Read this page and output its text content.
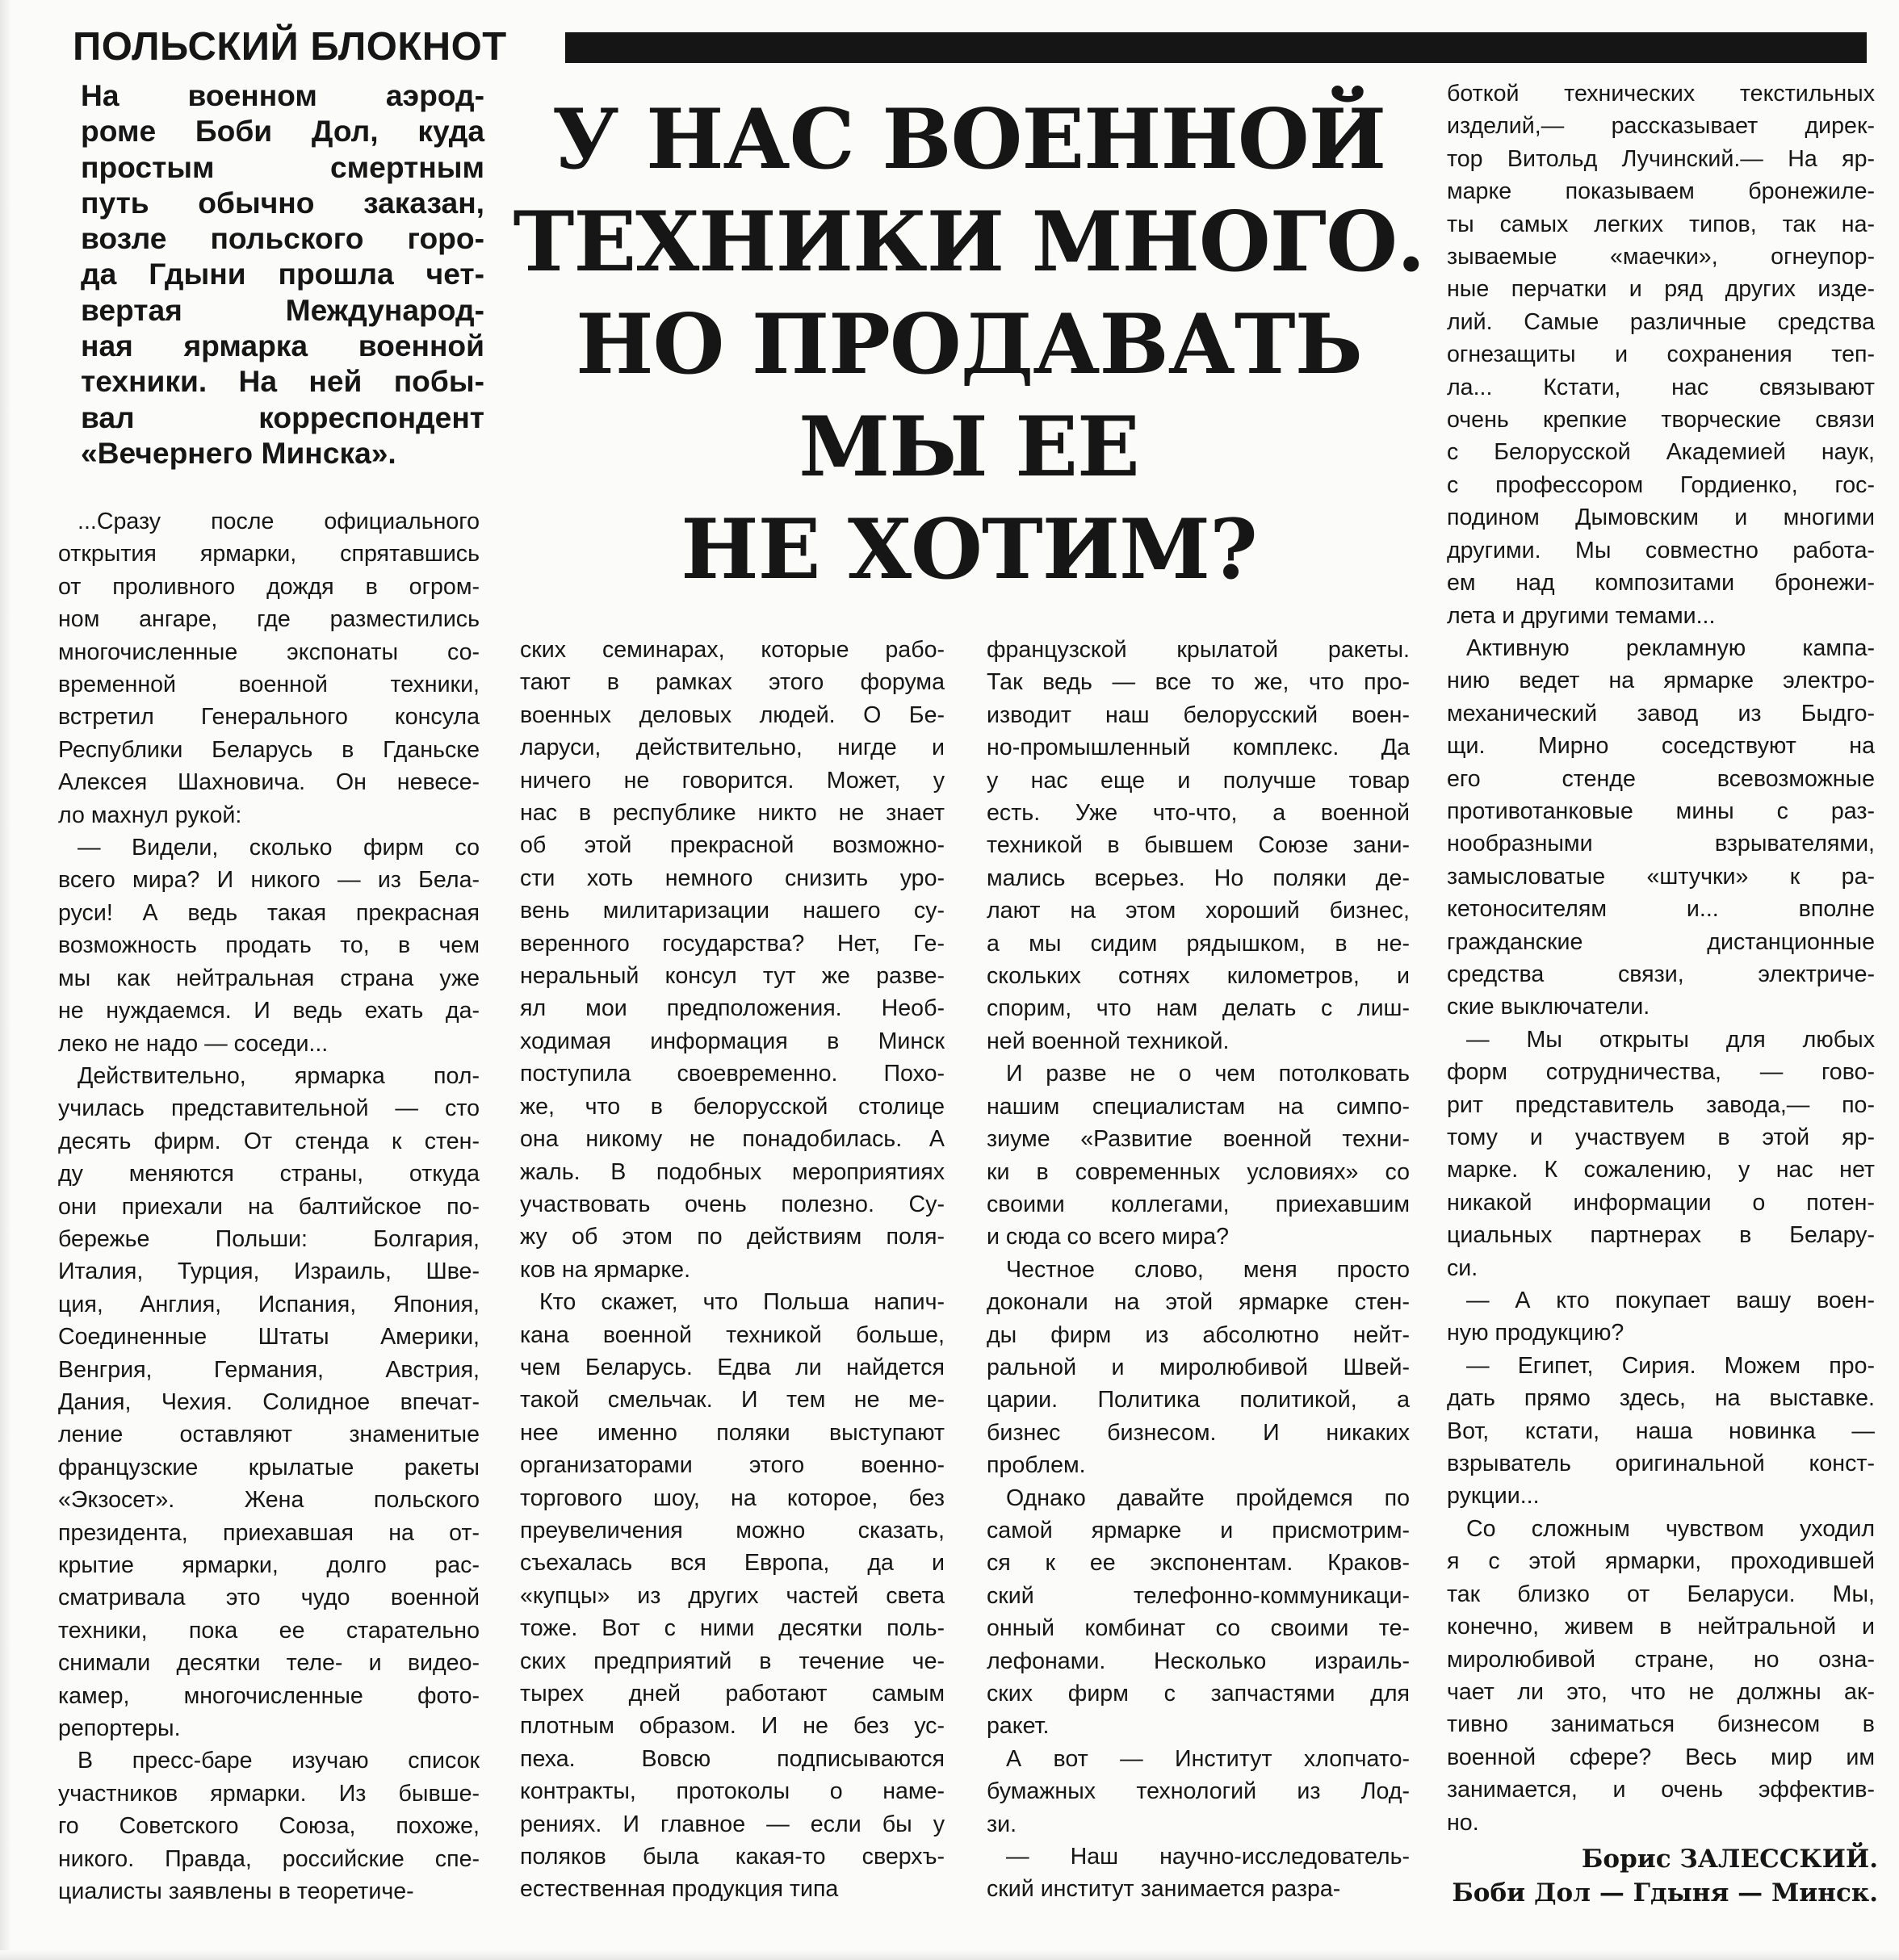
ПОЛЬСКИЙ БЛОКНОТ
На военном аэрод-
роме Боби Дол, куда
простым смертным
путь обычно заказан,
возле польского горо-
да Гдыни прошла чет-
вертая Международ-
ная ярмарка военной
техники. На ней побы-
вал корреспондент
«Вечернего Минска».
У НАС ВОЕННОЙ
ТЕХНИКИ МНОГО.
НО ПРОДАВАТЬ
МЫ ЕЕ
НЕ ХОТИМ?
...Сразу после официального
открытия ярмарки, спрятавшись
от проливного дождя в огром-
ном ангаре, где разместились
многочисленные экспонаты со-
временной военной техники,
встретил Генерального консула
Республики Беларусь в Гданьске
Алексея Шахновича. Он невесе-
ло махнул рукой:
— Видели, сколько фирм со
всего мира? И никого — из Бела-
руси! А ведь такая прекрасная
возможность продать то, в чем
мы как нейтральная страна уже
не нуждаемся. И ведь ехать да-
леко не надо — соседи...
Действительно, ярмарка пол-
училась представительной — сто
десять фирм. От стенда к стен-
ду меняются страны, откуда
они приехали на балтийское по-
бережье Польши: Болгария,
Италия, Турция, Израиль, Шве-
ция, Англия, Испания, Япония,
Соединенные Штаты Америки,
Венгрия, Германия, Австрия,
Дания, Чехия. Солидное впечат-
ление оставляют знаменитые
французские крылатые ракеты
«Экзосет». Жена польского
президента, приехавшая на от-
крытие ярмарки, долго рас-
сматривала это чудо военной
техники, пока ее старательно
снимали десятки теле- и видео-
камер, многочисленные фото-
репортеры.
В пресс-баре изучаю список
участников ярмарки. Из бывше-
го Советского Союза, похоже,
никого. Правда, российские спе-
циалисты заявлены в теоретиче-
ских семинарах, которые рабо-
тают в рамках этого форума
военных деловых людей. О Бе-
ларуси, действительно, нигде и
ничего не говорится. Может, у
нас в республике никто не знает
об этой прекрасной возможно-
сти хоть немного снизить уро-
вень милитаризации нашего су-
веренного государства? Нет, Ге-
неральный консул тут же разве-
ял мои предположения. Необ-
ходимая информация в Минск
поступила своевременно. Похо-
же, что в белорусской столице
она никому не понадобилась. А
жаль. В подобных мероприятиях
участвовать очень полезно. Су-
жу об этом по действиям поля-
ков на ярмарке.
Кто скажет, что Польша напич-
кана военной техникой больше,
чем Беларусь. Едва ли найдется
такой смельчак. И тем не ме-
нее именно поляки выступают
организаторами этого военно-
торгового шоу, на которое, без
преувеличения можно сказать,
съехалась вся Европа, да и
«купцы» из других частей света
тоже. Вот с ними десятки поль-
ских предприятий в течение че-
тырех дней работают самым
плотным образом. И не без ус-
пеха. Вовсю подписываются
контракты, протоколы о наме-
рениях. И главное — если бы у
поляков была какая-то сверхъ-
естественная продукция типа
французской крылатой ракеты.
Так ведь — все то же, что про-
изводит наш белорусский воен-
но-промышленный комплекс. Да
у нас еще и получше товар
есть. Уже что-что, а военной
техникой в бывшем Союзе зани-
мались всерьез. Но поляки де-
лают на этом хороший бизнес,
а мы сидим рядышком, в не-
скольких сотнях километров, и
спорим, что нам делать с лиш-
ней военной техникой.
И разве не о чем потолковать
нашим специалистам на симпо-
зиуме «Развитие военной техни-
ки в современных условиях» со
своими коллегами, приехавшим
и сюда со всего мира?
Честное слово, меня просто
доконали на этой ярмарке стен-
ды фирм из абсолютно нейт-
ральной и миролюбивой Швей-
царии. Политика политикой, а
бизнес бизнесом. И никаких
проблем.
Однако давайте пройдемся по
самой ярмарке и присмотрим-
ся к ее экспонентам. Краков-
ский телефонно-коммуникаци-
онный комбинат со своими те-
лефонами. Несколько израиль-
ских фирм с запчастями для
ракет.
А вот — Институт хлопчато-
бумажных технологий из Лод-
зи.
— Наш научно-исследователь-
ский институт занимается разра-
боткой технических текстильных
изделий,— рассказывает дирек-
тор Витольд Лучинский.— На яр-
марке показываем бронежиле-
ты самых легких типов, так на-
зываемые «маечки», огнеупор-
ные перчатки и ряд других изде-
лий. Самые различные средства
огнезащиты и сохранения теп-
ла... Кстати, нас связывают
очень крепкие творческие связи
с Белорусской Академией наук,
с профессором Гордиенко, гос-
подином Дымовским и многими
другими. Мы совместно работа-
ем над композитами бронежи-
лета и другими темами...
Активную рекламную кампа-
нию ведет на ярмарке электро-
механический завод из Быдго-
щи. Мирно соседствуют на
его стенде всевозможные
противотанковые мины с раз-
нообразными взрывателями,
замысловатые «штучки» к ра-
кетоносителям и... вполне
гражданские дистанционные
средства связи, электриче-
ские выключатели.
— Мы открыты для любых
форм сотрудничества, — гово-
рит представитель завода,— по-
тому и участвуем в этой яр-
марке. К сожалению, у нас нет
никакой информации о потен-
циальных партнерах в Белару-
си.
— А кто покупает вашу воен-
ную продукцию?
— Египет, Сирия. Можем про-
дать прямо здесь, на выставке.
Вот, кстати, наша новинка —
взрыватель оригинальной конст-
рукции...
Со сложным чувством уходил
я с этой ярмарки, проходившей
так близко от Беларуси. Мы,
конечно, живем в нейтральной и
миролюбивой стране, но озна-
чает ли это, что не должны ак-
тивно заниматься бизнесом в
военной сфере? Весь мир им
занимается, и очень эффектив-
но.
Борис ЗАЛЕССКИЙ.
Боби Дол — Гдыня — Минск.
